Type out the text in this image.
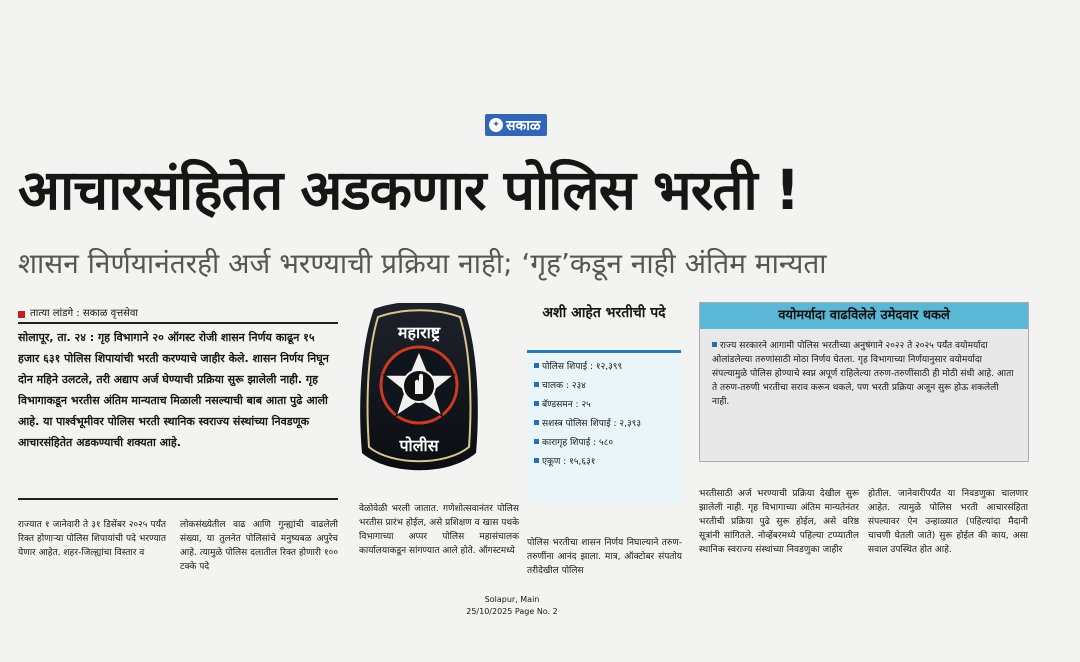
✦ सकाळ
आचारसंहितेत अडकणार पोलिस भरती !
शासन निर्णयानंतरही अर्ज भरण्याची प्रक्रिया नाही; ‘गृह’कडून नाही अंतिम मान्यता
तात्या लांडगे : सकाळ वृत्तसेवा

सोलापूर, ता. २४ : गृह विभागाने २० ऑगस्ट रोजी शासन निर्णय काढून १५ हजार ६३१ पोलिस शिपायांची भरती करण्याचे जाहीर केले. शासन निर्णय निघून दोन महिने उलटले, तरी अद्याप अर्ज घेण्याची प्रक्रिया सुरू झालेली नाही. गृह विभागाकडून भरतीस अंतिम मान्यताच मिळाली नसल्याची बाब आता पुढे आली आहे. या पार्श्वभूमीवर पोलिस भरती स्थानिक स्वराज्य संस्थांच्या निवडणूक आचारसंहितेत अडकण्याची शक्यता आहे.

महाराष्ट्र
पोलीस
अशी आहेत भरतीची पदे
पोलिस शिपाई : १२,३९९
चालक : २३४
बॅण्डसमन : २५
सशस्त्र पोलिस शिपाई : २,३९३
कारागृह शिपाई : ५८०
एकूण : १५,६३१
वयोमर्यादा वाढविलेले उमेदवार थकले

राज्य सरकारने आगामी पोलिस भरतीच्या अनुषंगाने २०२२ ते २०२५ पर्यंत वयोमर्यादा ओलांडलेल्या तरुणांसाठी मोठा निर्णय घेतला. गृह विभागाच्या निर्णयानुसार वयोमर्यादा संपल्यामुळे पोलिस होण्याचे स्वप्न अपूर्ण राहिलेल्या तरुण-तरुणींसाठी ही मोठी संधी आहे. आता ते तरुण-तरुणी भरतीचा सराव करून थकले, पण भरती प्रक्रिया अजून सुरू होऊ शकलेली नाही.

राज्यात १ जानेवारी ते ३१ डिसेंबर २०२५ पर्यंत रिक्त होणाऱ्या पोलिस शिपायांची पदे भरण्यात येणार आहेत. शहर-जिल्ह्यांचा विस्तार व

लोकसंख्येतील वाढ आणि गुन्ह्यांची वाढलेली संख्या, या तुलनेत पोलिसांचे मनुष्यबळ अपुरेच आहे. त्यामुळे पोलिस दलातील रिक्त होणारी १०० टक्के पदे

वेळोवेळी भरली जातात. गणेशोत्सवानंतर पोलिस भरतीस प्रारंभ होईल, असे प्रशिक्षण व खास पथके विभागाच्या अप्पर पोलिस महासंचालक कार्यालयाकडून सांगण्यात आले होते. ऑगस्टमध्ये

पोलिस भरतीचा शासन निर्णय निघाल्याने तरुण-तरुणींना आनंद झाला. मात्र, ऑक्टोबर संपतोय तरीदेखील पोलिस

भरतीसाठी अर्ज भरण्याची प्रक्रिया देखील सुरू झालेली नाही. गृह विभागाच्या अंतिम मान्यतेनंतर भरतीची प्रक्रिया पुढे सुरू होईल, असे वरिष्ठ सूत्रांनी सांगितले. नोव्हेंबरमध्ये पहिल्या टप्प्यातील स्थानिक स्वराज्य संस्थांच्या निवडणुका जाहीर

होतील. जानेवारीपर्यंत या निवडणुका चालणार आहेत. त्यामुळे पोलिस भरती आचारसंहिता संपल्यावर ऐन उन्हाळ्यात (पहिल्यांदा मैदानी चाचणी घेतली जाते) सुरू होईल की काय, असा सवाल उपस्थित होत आहे.

Solapur, Main
25/10/2025 Page No. 2
